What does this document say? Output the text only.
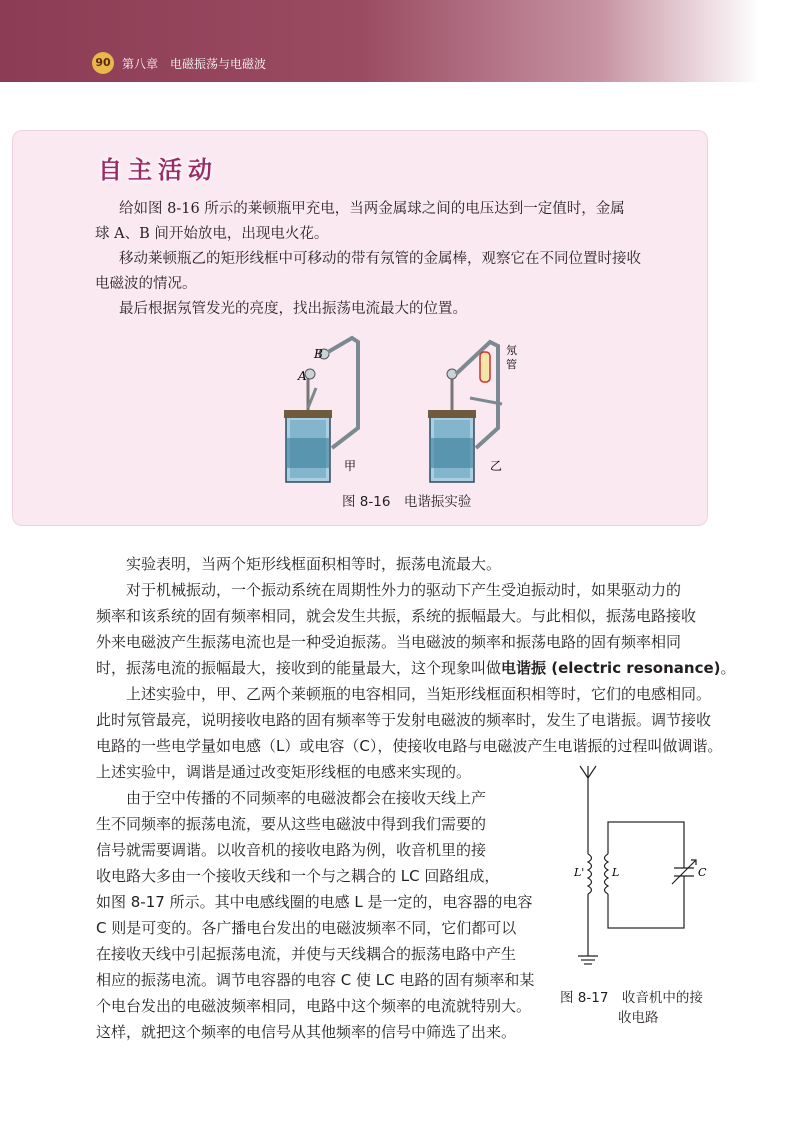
90 第八章　电磁振荡与电磁波
自主活动
给如图 8-16 所示的莱顿瓶甲充电，当两金属球之间的电压达到一定值时，金属
球 A、B 间开始放电，出现电火花。
移动莱顿瓶乙的矩形线框中可移动的带有氖管的金属棒，观察它在不同位置时接收
电磁波的情况。
最后根据氖管发光的亮度，找出振荡电流最大的位置。
A
B
甲	乙
氖
管
图 8-16　电谐振实验
实验表明，当两个矩形线框面积相等时，振荡电流最大。
对于机械振动，一个振动系统在周期性外力的驱动下产生受迫振动时，如果驱动力的
频率和该系统的固有频率相同，就会发生共振，系统的振幅最大。与此相似，振荡电路接收
外来电磁波产生振荡电流也是一种受迫振荡。当电磁波的频率和振荡电路的固有频率相同
时，振荡电流的振幅最大，接收到的能量最大，这个现象叫做电谐振 (electric resonance)。
上述实验中，甲、乙两个莱顿瓶的电容相同，当矩形线框面积相等时，它们的电感相同。
此时氖管最亮，说明接收电路的固有频率等于发射电磁波的频率时，发生了电谐振。调节接收
电路的一些电学量如电感（L）或电容（C），使接收电路与电磁波产生电谐振的过程叫做调谐。
上述实验中，调谐是通过改变矩形线框的电感来实现的。
由于空中传播的不同频率的电磁波都会在接收天线上产
生不同频率的振荡电流，要从这些电磁波中得到我们需要的
信号就需要调谐。以收音机的接收电路为例，收音机里的接
收电路大多由一个接收天线和一个与之耦合的 LC 回路组成，
如图 8-17 所示。其中电感线圈的电感 L 是一定的，电容器的电容
C 则是可变的。各广播电台发出的电磁波频率不同，它们都可以
在接收天线中引起振荡电流，并使与天线耦合的振荡电路中产生
相应的振荡电流。调节电容器的电容 C 使 LC 电路的固有频率和某
个电台发出的电磁波频率相同，电路中这个频率的电流就特别大。
这样，就把这个频率的电信号从其他频率的信号中筛选了出来。
L'	L	C
图 8-17　收音机中的接
收电路
